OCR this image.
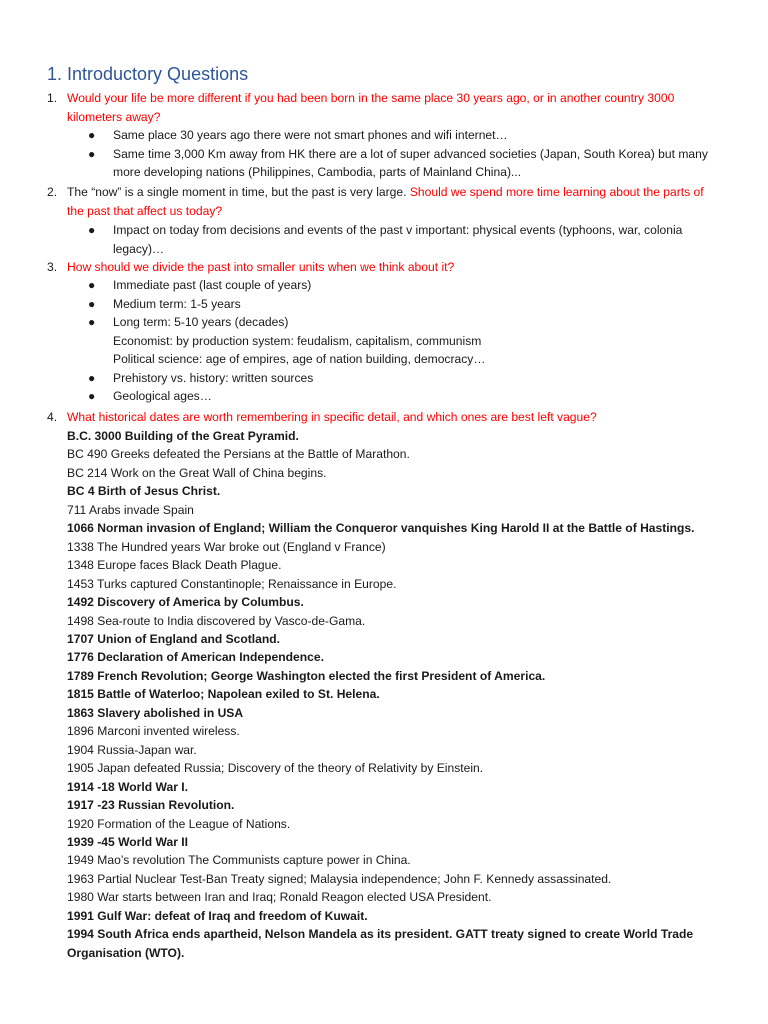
1. Introductory Questions
1. Would your life be more different if you had been born in the same place 30 years ago, or in another country 3000 kilometers away?
● Same place 30 years ago there were not smart phones and wifi internet…
● Same time 3,000 Km away from HK there are a lot of super advanced societies (Japan, South Korea) but many more developing nations (Philippines, Cambodia, parts of Mainland China)...
2. The “now” is a single moment in time, but the past is very large. Should we spend more time learning about the parts of the past that affect us today?
● Impact on today from decisions and events of the past v important: physical events (typhoons, war, colonia legacy)…
3. How should we divide the past into smaller units when we think about it?
● Immediate past (last couple of years)
● Medium term: 1-5 years
● Long term: 5-10 years (decades)
Economist: by production system: feudalism, capitalism, communism
Political science: age of empires, age of nation building, democracy…
● Prehistory vs. history: written sources
● Geological ages…
4. What historical dates are worth remembering in specific detail, and which ones are best left vague?
B.C. 3000 Building of the Great Pyramid.
BC 490 Greeks defeated the Persians at the Battle of Marathon.
BC 214 Work on the Great Wall of China begins.
BC 4 Birth of Jesus Christ.
711 Arabs invade Spain
1066 Norman invasion of England; William the Conqueror vanquishes King Harold II at the Battle of Hastings.
1338 The Hundred years War broke out (England v France)
1348 Europe faces Black Death Plague.
1453 Turks captured Constantinople; Renaissance in Europe.
1492 Discovery of America by Columbus.
1498 Sea-route to India discovered by Vasco-de-Gama.
1707 Union of England and Scotland.
1776 Declaration of American Independence.
1789 French Revolution; George Washington elected the first President of America.
1815 Battle of Waterloo; Napolean exiled to St. Helena.
1863 Slavery abolished in USA
1896 Marconi invented wireless.
1904 Russia-Japan war.
1905 Japan defeated Russia; Discovery of the theory of Relativity by Einstein.
1914 -18 World War I.
1917 -23 Russian Revolution.
1920 Formation of the League of Nations.
1939 -45 World War II
1949 Mao’s revolution The Communists capture power in China.
1963 Partial Nuclear Test-Ban Treaty signed; Malaysia independence; John F. Kennedy assassinated.
1980 War starts between Iran and Iraq; Ronald Reagon elected USA President.
1991 Gulf War: defeat of Iraq and freedom of Kuwait.
1994 South Africa ends apartheid, Nelson Mandela as its president. GATT treaty signed to create World Trade Organisation (WTO).
